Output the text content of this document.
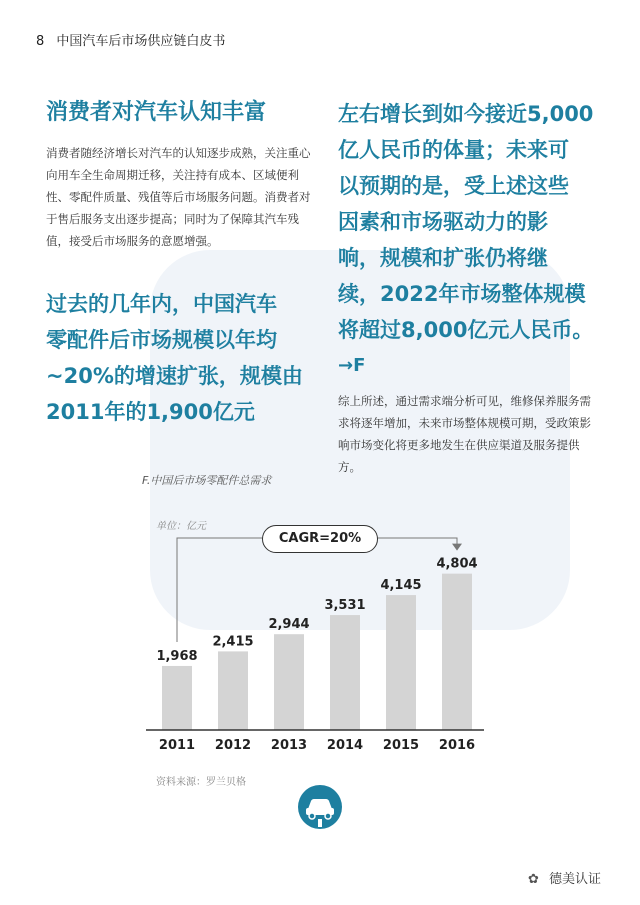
8 中国汽车后市场供应链白皮书
消费者对汽车认知丰富

消费者随经济增长对汽车的认知逐步成熟，关注重心向用车全生命周期迁移，关注持有成本、区域便利性、零配件质量、残值等后市场服务问题。消费者对于售后服务支出逐步提高；同时为了保障其汽车残值，接受后市场服务的意愿增强。

过去的几年内，中国汽车

零配件后市场规模以年均

~20%的增速扩张，规模由

2011年的1,900亿元

左右增长到如今接近5,000

亿人民币的体量；未来可

以预期的是，受上述这些

因素和市场驱动力的影

响，规模和扩张仍将继

续，2022年市场整体规模

将超过8,000亿元人民币。

→F

综上所述，通过需求端分析可见，维修保养服务需求将逐年增加，未来市场整体规模可期，受政策影响市场变化将更多地发生在供应渠道及服务提供方。

F.中国后市场零配件总需求
单位：亿元
1,968
2011
2,415
2012
2,944
2013
3,531
2014
4,145
2015
4,804
2016
CAGR=20%
资料来源：罗兰贝格
✿ 德美认证
